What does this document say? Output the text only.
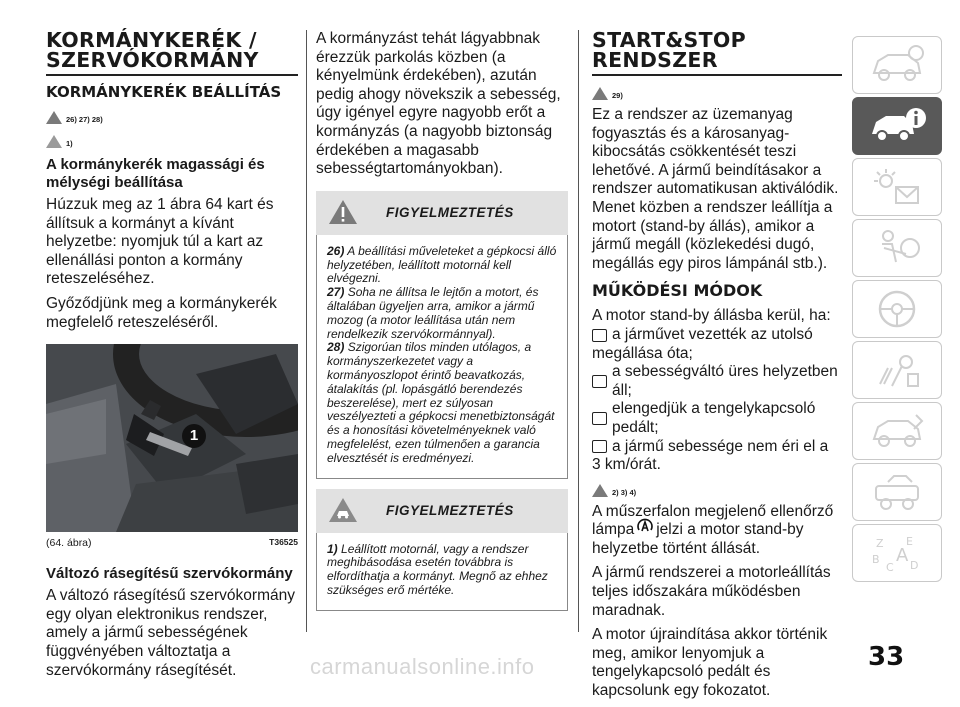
KORMÁNYKERÉK / SZERVÓKORMÁNY
KORMÁNYKERÉK BEÁLLÍTÁS
26) 27) 28)
1)
A kormánykerék magassági és mélységi beállítása

Húzzuk meg az 1 ábra 64 kart és állítsuk a kormányt a kívánt helyzetbe: nyomjuk túl a kart az ellenállási ponton a kormány reteszeléséhez.

Győződjünk meg a kormánykerék megfelelő reteszeléséről.

1
(64. ábra)	T36525
Változó rásegítésű szervókormány

A változó rásegítésű szervókormány egy olyan elektronikus rendszer, amely a jármű sebességének függvényében változtatja a szervókormány rásegítését.

A kormányzást tehát lágyabbnak érezzük parkolás közben (a kényelmünk érdekében), azután pedig ahogy növekszik a sebesség, úgy igényel egyre nagyobb erőt a kormányzás (a nagyobb biztonság érdekében a magasabb sebességtartományokban).

FIGYELMEZTETÉS
26) A beállítási műveleteket a gépkocsi álló helyzetében, leállított motornál kell elvégezni.
27) Soha ne állítsa le lejtőn a motort, és általában ügyeljen arra, amikor a jármű mozog (a motor leállítása után nem rendelkezik szervókormánnyal).
28) Szigorúan tilos minden utólagos, a kormányszerkezetet vagy a kormányoszlopot érintő beavatkozás, átalakítás (pl. lopásgátló berendezés beszerelése), mert ez súlyosan veszélyezteti a gépkocsi menetbiztonságát és a honosítási követelményeknek való megfelelést, ezen túlmenően a garancia elvesztését is eredményezi.
FIGYELMEZTETÉS
1) Leállított motornál, vagy a rendszer meghibásodása esetén továbbra is elfordíthatja a kormányt. Megnő az ehhez szükséges erő mértéke.
START&STOP RENDSZER
29)

Ez a rendszer az üzemanyag fogyasztás és a károsanyag-kibocsátás csökkentését teszi lehetővé. A jármű beindításakor a rendszer automatikusan aktiválódik. Menet közben a rendszer leállítja a motort (stand-by állás), amikor a jármű megáll (közlekedési dugó, megállás egy piros lámpánál stb.).

MŰKÖDÉSI MÓDOK

A motor stand-by állásba kerül, ha:

a járművet vezették az utolsó

megállása óta;

a sebességváltó üres helyzetben áll;
elengedjük a tengelykapcsoló pedált;
a jármű sebessége nem éri el a

3 km/órát.

2) 3) 4)

A műszerfalon megjelenő ellenőrző

lámpa jelzi a motor stand-by

helyzetbe történt állását.

A jármű rendszerei a motorleállítás teljes időszakára működésben maradnak.

A motor újraindítása akkor történik meg, amikor lenyomjuk a tengelykapcsoló pedált és kapcsolunk egy fokozatot.

Z E
B
C D
A
33
carmanualsonline.info
